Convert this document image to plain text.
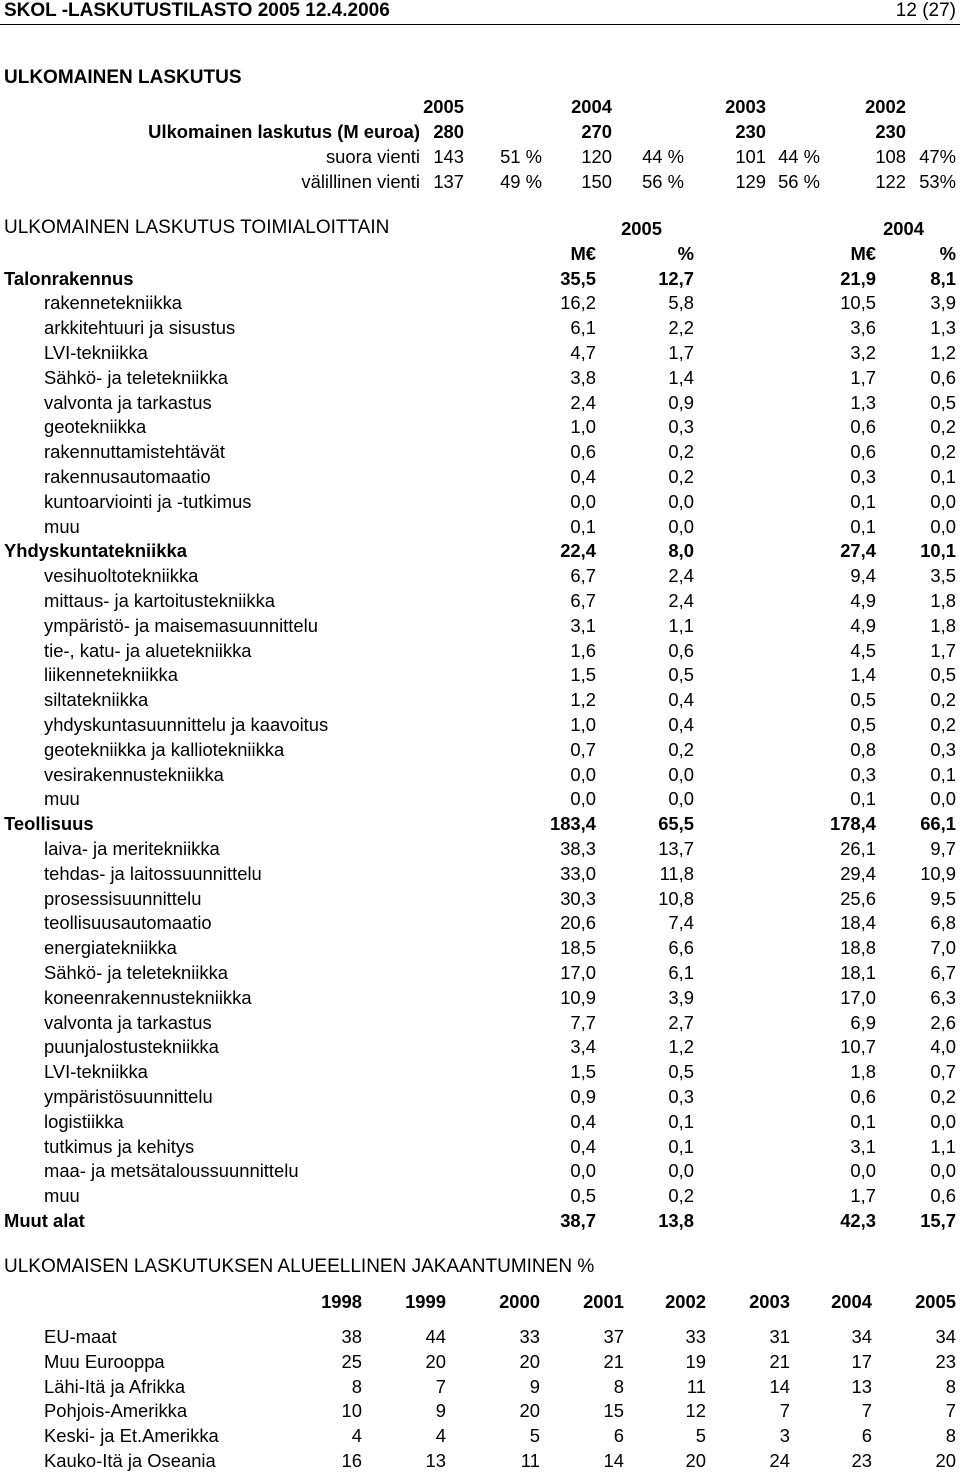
SKOL -LASKUTUSTILASTO 2005 12.4.2006	12 (27)
ULKOMAINEN LASKUTUS
2005	2004	2003	2002
Ulkomainen laskutus (M euroa) 280	270	230	230
suora vienti 143 51 % 120 44 %	101 44 %	108 47%
välillinen vienti 137 49 % 150 56 %	129 56 %	122 53%
ULKOMAINEN LASKUTUS TOIMIALOITTAIN	2005	2004
M€	%	M€	%
Talonrakennus	35,5	12,7	21,9	8,1
rakennetekniikka	16,2	5,8	10,5	3,9
arkkitehtuuri ja sisustus	6,1	2,2	3,6	1,3
LVI-tekniikka	4,7	1,7	3,2	1,2
Sähkö- ja teletekniikka	3,8	1,4	1,7	0,6
valvonta ja tarkastus	2,4	0,9	1,3	0,5
geotekniikka	1,0	0,3	0,6	0,2
rakennuttamistehtävät	0,6	0,2	0,6	0,2
rakennusautomaatio	0,4	0,2	0,3	0,1
kuntoarviointi ja -tutkimus	0,0	0,0	0,1	0,0
muu	0,1	0,0	0,1	0,0
Yhdyskuntatekniikka	22,4	8,0	27,4 10,1
vesihuoltotekniikka	6,7	2,4	9,4	3,5
mittaus- ja kartoitustekniikka	6,7	2,4	4,9	1,8
ympäristö- ja maisemasuunnittelu	3,1	1,1	4,9	1,8
tie-, katu- ja aluetekniikka	1,6	0,6	4,5	1,7
liikennetekniikka	1,5	0,5	1,4	0,5
siltatekniikka	1,2	0,4	0,5	0,2
yhdyskuntasuunnittelu ja kaavoitus	1,0	0,4	0,5	0,2
geotekniikka ja kalliotekniikka	0,7	0,2	0,8	0,3
vesirakennustekniikka	0,0	0,0	0,3	0,1
muu	0,0	0,0	0,1	0,0
Teollisuus	183,4	65,5	178,4 66,1
laiva- ja meritekniikka	38,3	13,7	26,1	9,7
tehdas- ja laitossuunnittelu	33,0	11,8	29,4 10,9
prosessisuunnittelu	30,3	10,8	25,6	9,5
teollisuusautomaatio	20,6	7,4	18,4	6,8
energiatekniikka	18,5	6,6	18,8	7,0
Sähkö- ja teletekniikka	17,0	6,1	18,1	6,7
koneenrakennustekniikka	10,9	3,9	17,0	6,3
valvonta ja tarkastus	7,7	2,7	6,9	2,6
puunjalostustekniikka	3,4	1,2	10,7	4,0
LVI-tekniikka	1,5	0,5	1,8	0,7
ympäristösuunnittelu	0,9	0,3	0,6	0,2
logistiikka	0,4	0,1	0,1	0,0
tutkimus ja kehitys	0,4	0,1	3,1	1,1
maa- ja metsätaloussuunnittelu	0,0	0,0	0,0	0,0
muu	0,5	0,2	1,7	0,6
Muut alat	38,7	13,8	42,3 15,7
ULKOMAISEN LASKUTUKSEN ALUEELLINEN JAKAANTUMINEN %
1998 1999	2000 2001 2002 2003 2004 2005
EU-maat	38	44	33	37	33	31	34	34
Muu Eurooppa	25	20	20	21	19	21	17	23
Lähi-Itä ja Afrikka	8	7	9	8	11	14	13	8
Pohjois-Amerikka	10	9	20	15	12	7	7	7
Keski- ja Et.Amerikka	4	4	5	6	5	3	6	8
Kauko-Itä ja Oseania	16	13	11	14	20	24	23	20
